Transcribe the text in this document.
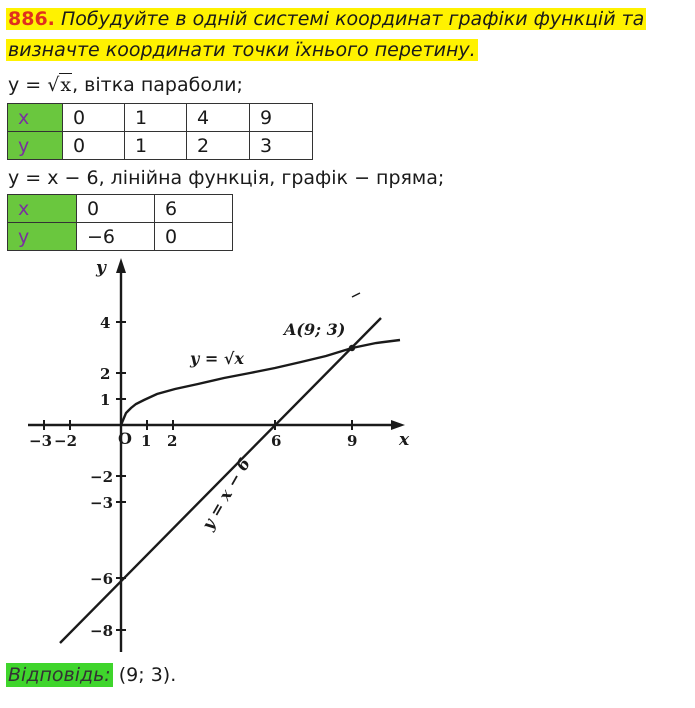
886. Побудуйте в одній системі координат графіки функцій та визначте координати точки їхнього перетину.
y = √x, вітка параболи;
x	0	1	4	9
y	0	1	2	3
y = x − 6, лінійна функція, графік − пряма;
x	0	6
y	−6	0
x
y
O
−3 −2	1 2	6	9
4
2
1
−2
−3
−6
−8
y = √x
A(9; 3)
y = x − 6
Відповідь: (9; 3).
